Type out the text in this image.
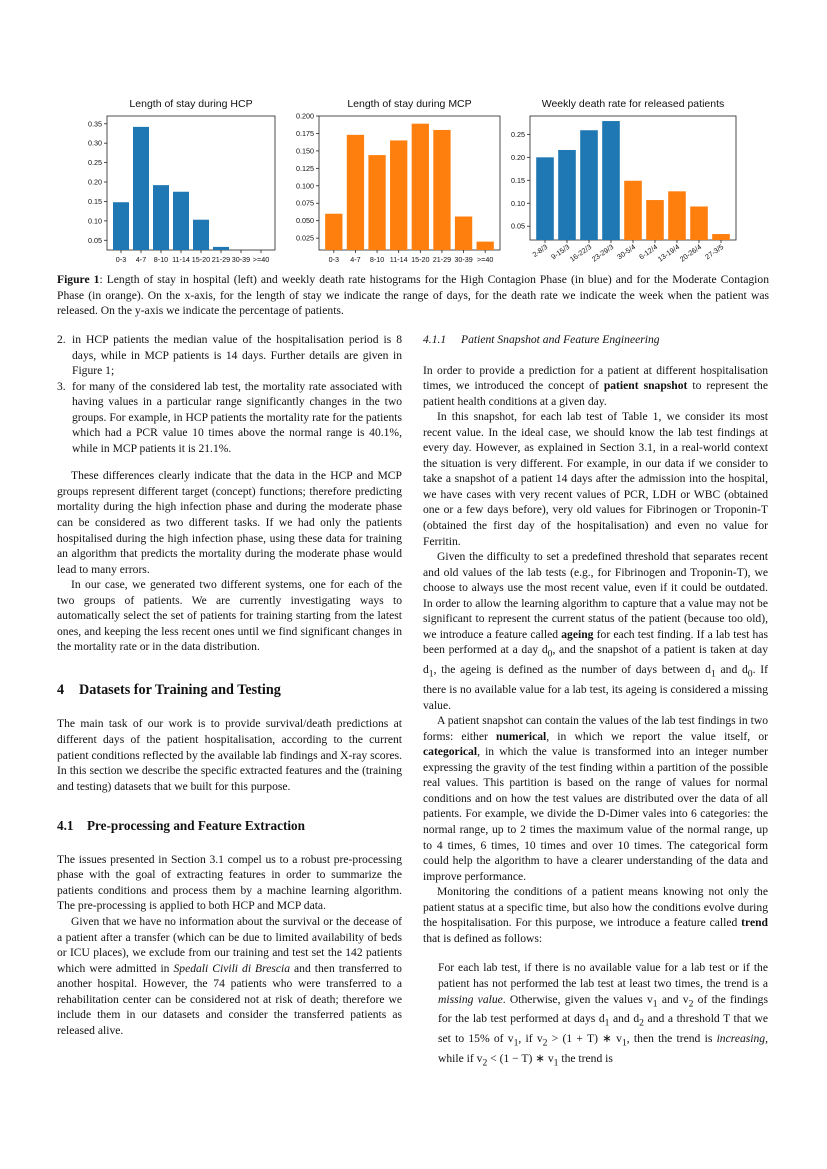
Length of stay during HCP
0.35
0.30
0.25
0.20
0.15
0.10
0.05
0-3 4-7 8-10 11-14 15-20 21-29 30-39 >=40
Length of stay during MCP
0.200
0.175
0.150
0.125
0.100
0.075
0.050
0.025
0-3 4-7 8-10 11-14 15-20 21-29 30-39 >=40
Weekly death rate for released patients
0.25
0.20
0.15
0.10
0.05
2-8/3 9-15/3
16-22/3
23-29/3 30-5/4 6-12/4
13-19/4
20-26/4 27-3/5
Figure 1: Length of stay in hospital (left) and weekly death rate histograms for the High Contagion Phase (in blue) and for the Moderate Contagion Phase (in orange). On the x-axis, for the length of stay we indicate the range of days, for the death rate we indicate the week when the patient was released. On the y-axis we indicate the percentage of patients.
2. in HCP patients the median value of the hospitalisation period is 8 days, while in MCP patients is 14 days. Further details are given in Figure 1;
3. for many of the considered lab test, the mortality rate associated with having values in a particular range significantly changes in the two groups. For example, in HCP patients the mortality rate for the patients which had a PCR value 10 times above the normal range is 40.1%, while in MCP patients it is 21.1%.

These differences clearly indicate that the data in the HCP and MCP groups represent different target (concept) functions; therefore predicting mortality during the high infection phase and during the moderate phase can be considered as two different tasks. If we had only the patients hospitalised during the high infection phase, using these data for training an algorithm that predicts the mortality during the moderate phase would lead to many errors.

In our case, we generated two different systems, one for each of the two groups of patients. We are currently investigating ways to automatically select the set of patients for training starting from the latest ones, and keeping the less recent ones until we find significant changes in the mortality rate or in the data distribution.

4 Datasets for Training and Testing

The main task of our work is to provide survival/death predictions at different days of the patient hospitalisation, according to the current patient conditions reflected by the available lab findings and X-ray scores. In this section we describe the specific extracted features and the (training and testing) datasets that we built for this purpose.

4.1 Pre-processing and Feature Extraction

The issues presented in Section 3.1 compel us to a robust pre-processing phase with the goal of extracting features in order to summarize the patients conditions and process them by a machine learning algorithm. The pre-processing is applied to both HCP and MCP data.

Given that we have no information about the survival or the decease of a patient after a transfer (which can be due to limited availability of beds or ICU places), we exclude from our training and test set the 142 patients which were admitted in Spedali Civili di Brescia and then transferred to another hospital. However, the 74 patients who were transferred to a rehabilitation center can be considered not at risk of death; therefore we include them in our datasets and consider the transferred patients as released alive.

4.1.1 Patient Snapshot and Feature Engineering

In order to provide a prediction for a patient at different hospitalisation times, we introduced the concept of patient snapshot to represent the patient health conditions at a given day.

In this snapshot, for each lab test of Table 1, we consider its most recent value. In the ideal case, we should know the lab test findings at every day. However, as explained in Section 3.1, in a real-world context the situation is very different. For example, in our data if we consider to take a snapshot of a patient 14 days after the admission into the hospital, we have cases with very recent values of PCR, LDH or WBC (obtained one or a few days before), very old values for Fibrinogen or Troponin-T (obtained the first day of the hospitalisation) and even no value for Ferritin.

Given the difficulty to set a predefined threshold that separates recent and old values of the lab tests (e.g., for Fibrinogen and Troponin-T), we choose to always use the most recent value, even if it could be outdated. In order to allow the learning algorithm to capture that a value may not be significant to represent the current status of the patient (because too old), we introduce a feature called ageing for each test finding. If a lab test has been performed at a day $d_0$, and the snapshot of a patient is taken at day $d_1$, the ageing is defined as the number of days between $d_1$ and $d_0$. If there is no available value for a lab test, its ageing is considered a missing value.

A patient snapshot can contain the values of the lab test findings in two forms: either numerical, in which we report the value itself, or categorical, in which the value is transformed into an integer number expressing the gravity of the test finding within a partition of the possible real values. This partition is based on the range of values for normal conditions and on how the test values are distributed over the data of all patients. For example, we divide the D-Dimer vales into 6 categories: the normal range, up to 2 times the maximum value of the normal range, up to 4 times, 6 times, 10 times and over 10 times. The categorical form could help the algorithm to have a clearer understanding of the data and improve performance.

Monitoring the conditions of a patient means knowing not only the patient status at a specific time, but also how the conditions evolve during the hospitalisation. For this purpose, we introduce a feature called trend that is defined as follows:

For each lab test, if there is no available value for a lab test or if the patient has not performed the lab test at least two times, the trend is a missing value. Otherwise, given the values $v_1$ and $v_2$ of the findings for the lab test performed at days $d_1$ and $d_2$ and a threshold T that we set to 15% of $v_1$, if $v_2 > (1 + T)$ ∗ $v_1$, then the trend is increasing, while if $v_2 < (1 - T)$ ∗ $v_1$ the trend is
